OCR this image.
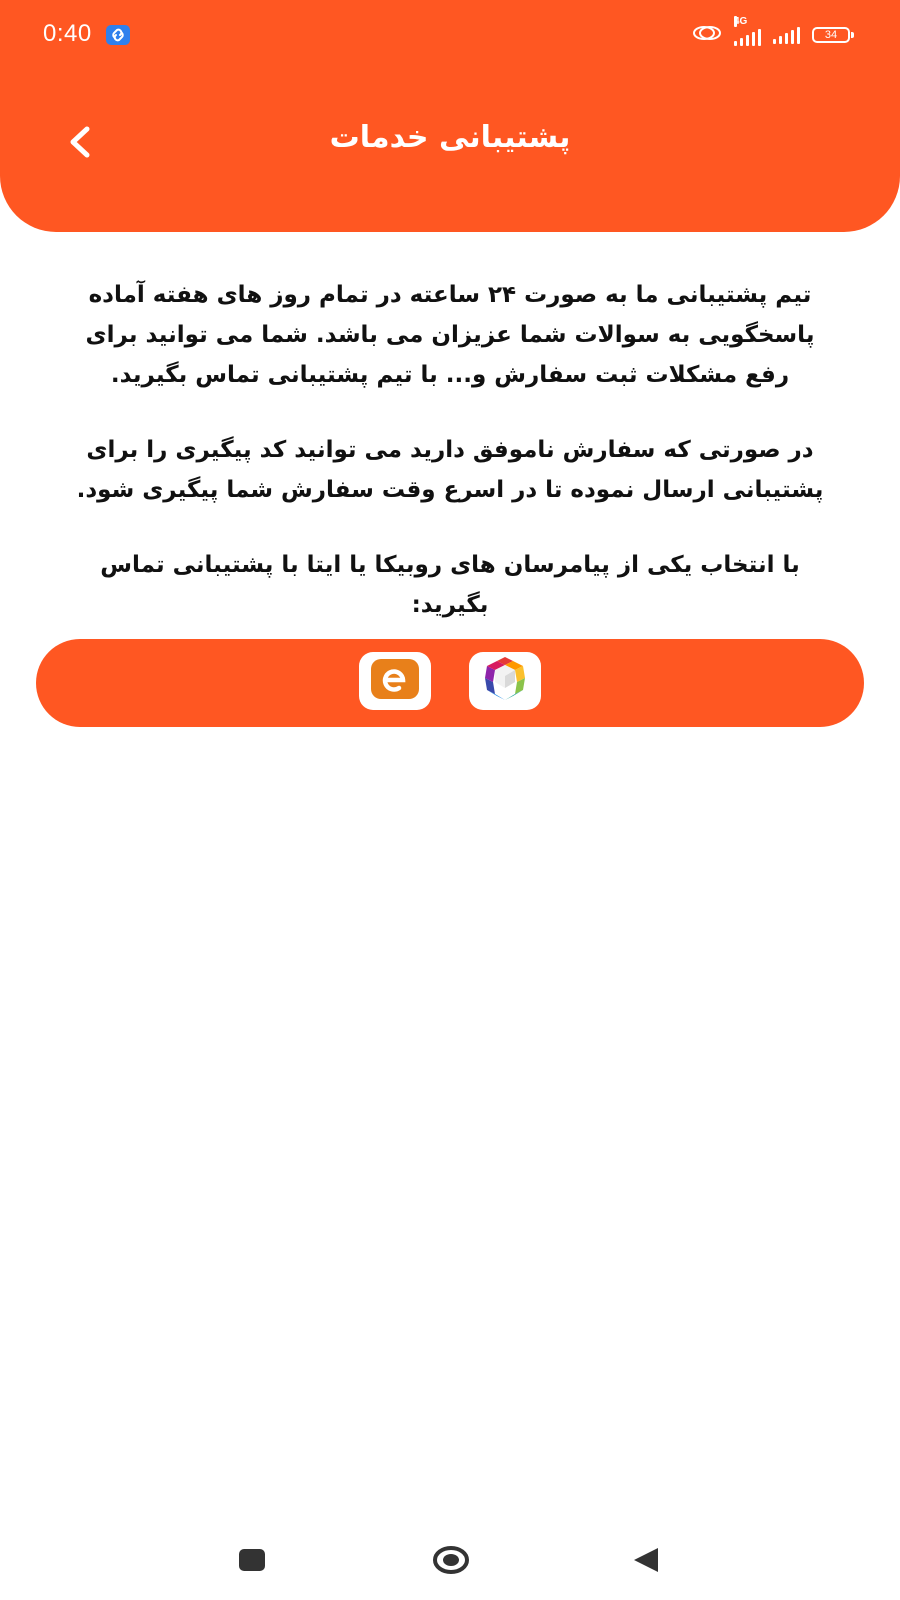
0:40	4G
34
پشتیبانی خدمات

تیم پشتیبانی ما به صورت ۲۴ ساعته در تمام روز های هفته آماده پاسخگویی به سوالات شما عزیزان می باشد. شما می توانید برای رفع مشکلات ثبت سفارش و... با تیم پشتیبانی تماس بگیرید.

در صورتی که سفارش ناموفق دارید می توانید کد پیگیری را برای پشتیبانی ارسال نموده تا در اسرع وقت سفارش شما پیگیری شود.

با انتخاب یکی از پیامرسان های روبیکا یا ایتا با پشتیبانی تماس بگیرید:
